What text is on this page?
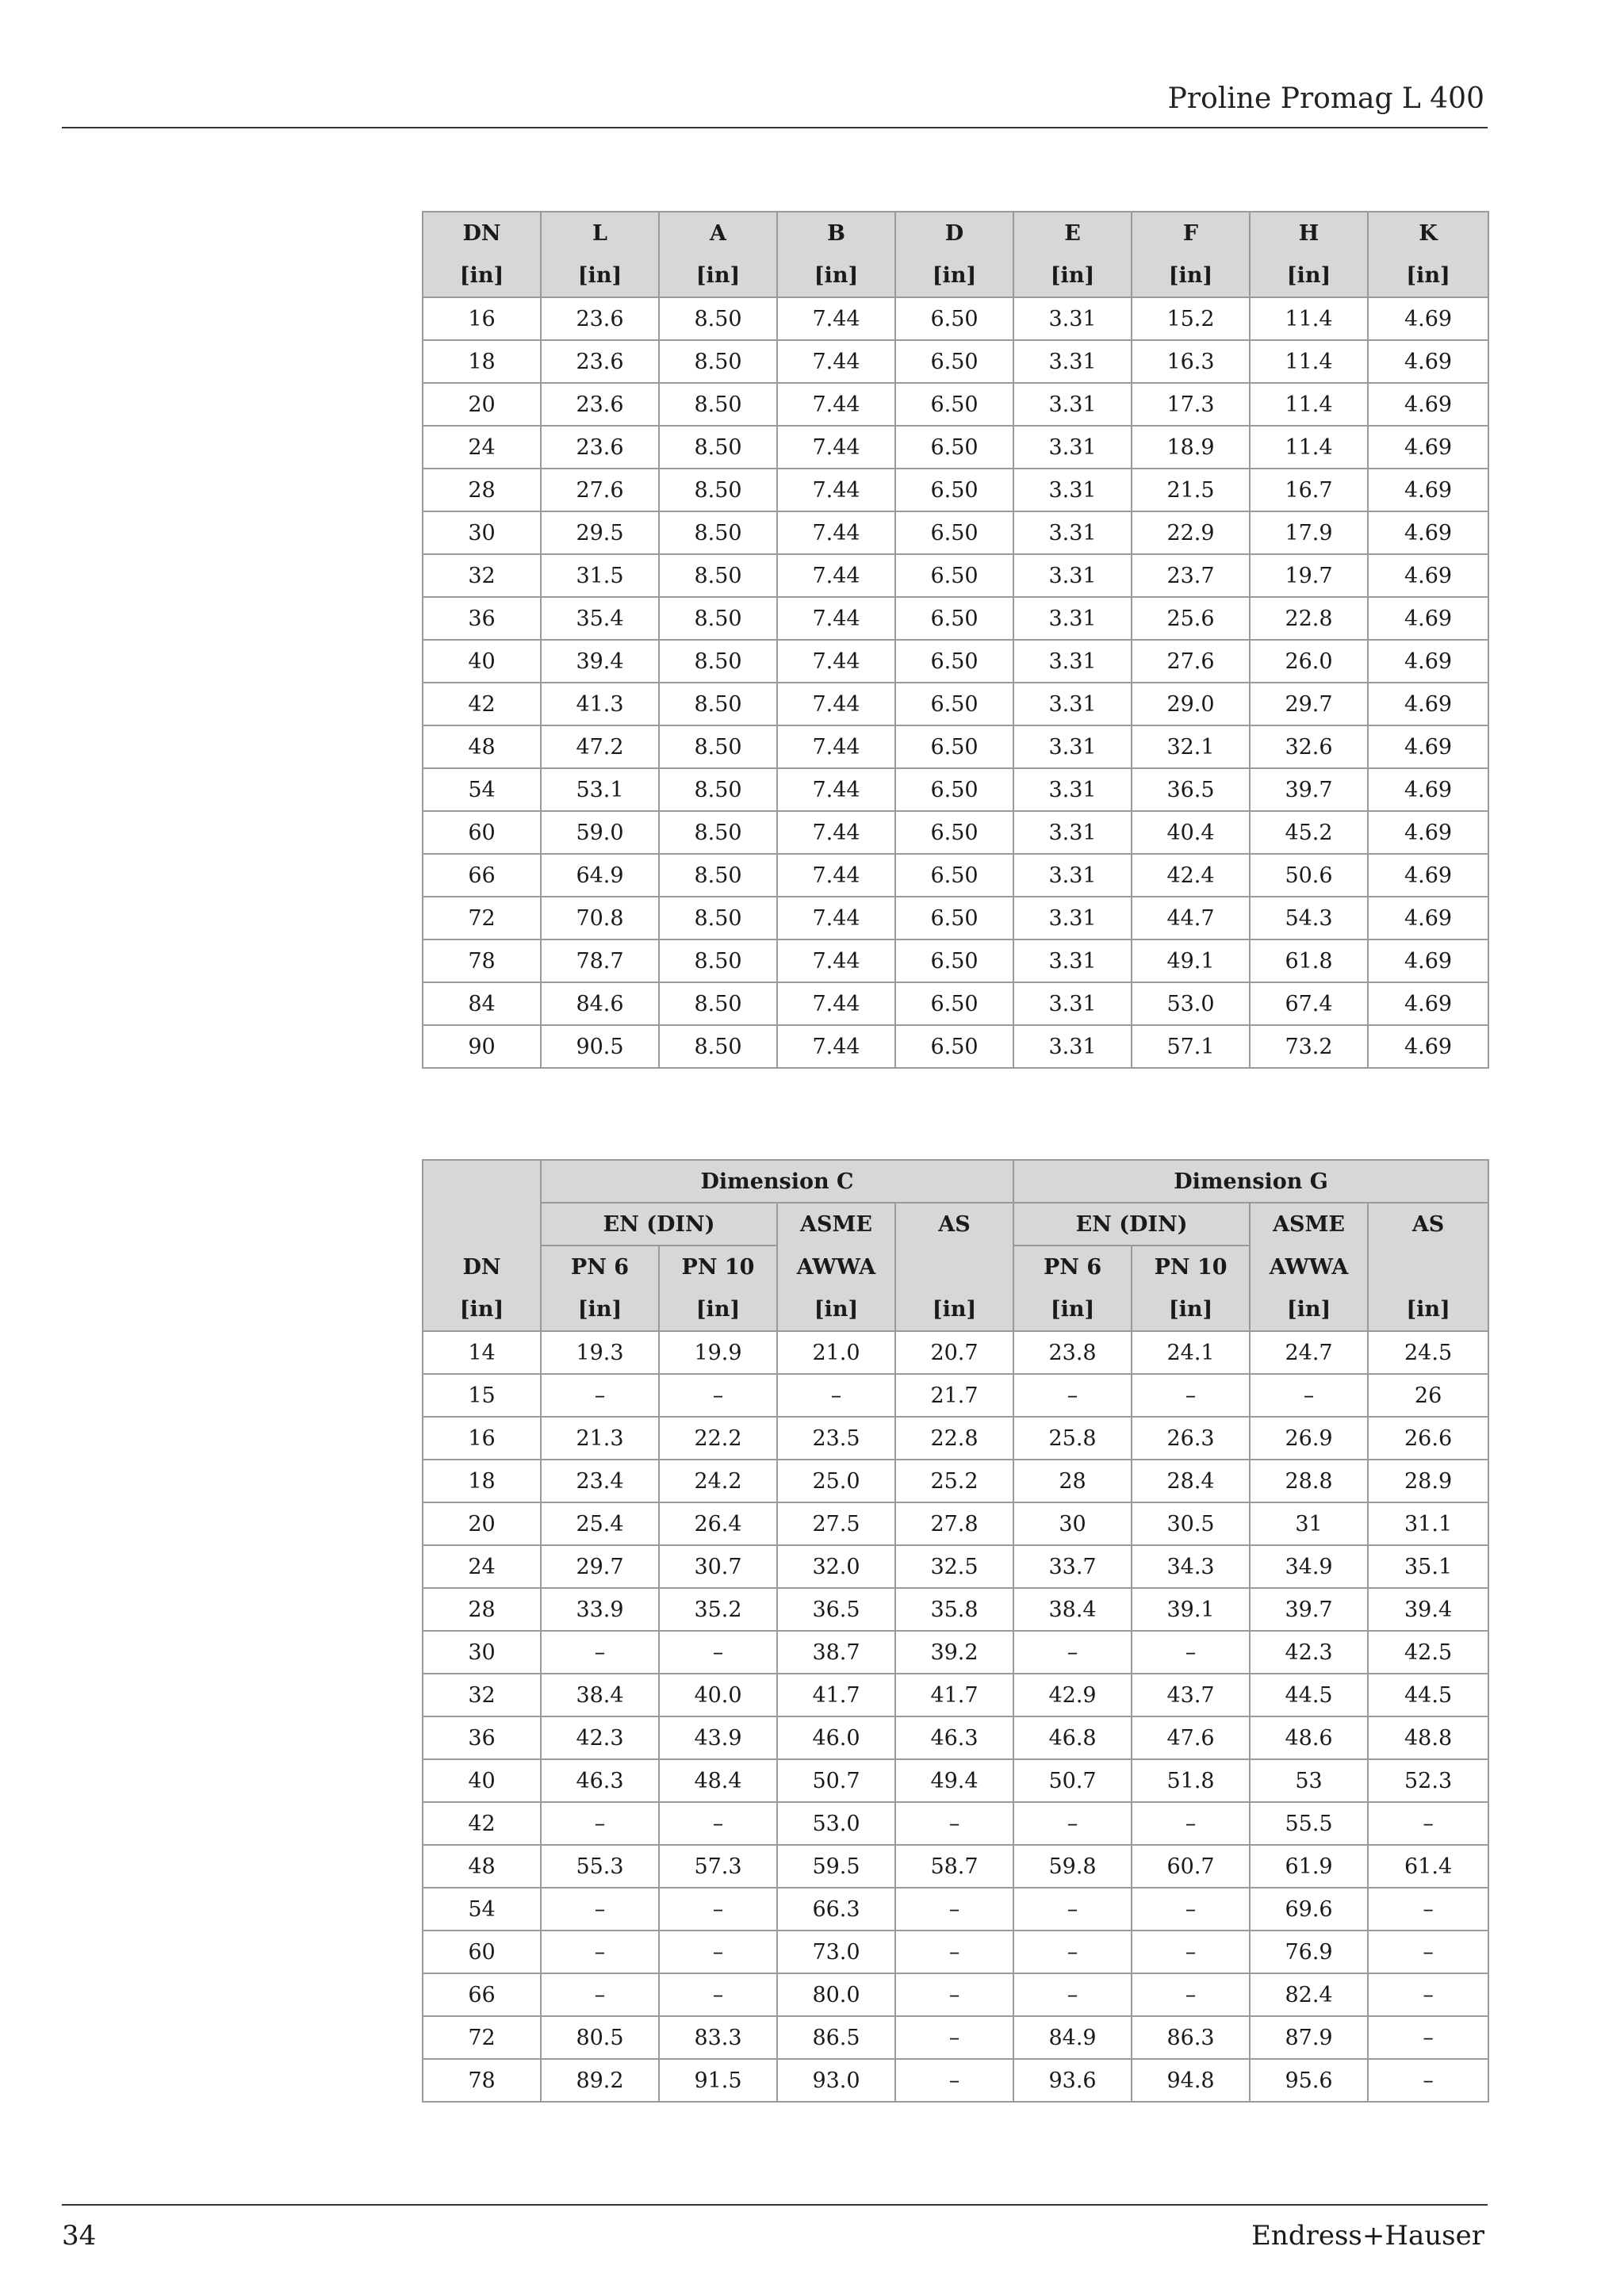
Proline Promag L 400
DN	L	A	B	D	E	F	H	K
[in]	[in]	[in]	[in]	[in]	[in]	[in]	[in]	[in]
16	23.6	8.50	7.44	6.50	3.31	15.2	11.4	4.69
18	23.6	8.50	7.44	6.50	3.31	16.3	11.4	4.69
20	23.6	8.50	7.44	6.50	3.31	17.3	11.4	4.69
24	23.6	8.50	7.44	6.50	3.31	18.9	11.4	4.69
28	27.6	8.50	7.44	6.50	3.31	21.5	16.7	4.69
30	29.5	8.50	7.44	6.50	3.31	22.9	17.9	4.69
32	31.5	8.50	7.44	6.50	3.31	23.7	19.7	4.69
36	35.4	8.50	7.44	6.50	3.31	25.6	22.8	4.69
40	39.4	8.50	7.44	6.50	3.31	27.6	26.0	4.69
42	41.3	8.50	7.44	6.50	3.31	29.0	29.7	4.69
48	47.2	8.50	7.44	6.50	3.31	32.1	32.6	4.69
54	53.1	8.50	7.44	6.50	3.31	36.5	39.7	4.69
60	59.0	8.50	7.44	6.50	3.31	40.4	45.2	4.69
66	64.9	8.50	7.44	6.50	3.31	42.4	50.6	4.69
72	70.8	8.50	7.44	6.50	3.31	44.7	54.3	4.69
78	78.7	8.50	7.44	6.50	3.31	49.1	61.8	4.69
84	84.6	8.50	7.44	6.50	3.31	53.0	67.4	4.69
90	90.5	8.50	7.44	6.50	3.31	57.1	73.2	4.69
	Dimension C				Dimension G			
	EN (DIN)		ASME	AS	EN (DIN)		ASME	AS
DN	PN 6	PN 10	AWWA		PN 6	PN 10	AWWA	
[in]	[in]	[in]	[in]	[in]	[in]	[in]	[in]	[in]
14	19.3	19.9	21.0	20.7	23.8	24.1	24.7	24.5
15	–	–	–	21.7	–	–	–	26
16	21.3	22.2	23.5	22.8	25.8	26.3	26.9	26.6
18	23.4	24.2	25.0	25.2	28	28.4	28.8	28.9
20	25.4	26.4	27.5	27.8	30	30.5	31	31.1
24	29.7	30.7	32.0	32.5	33.7	34.3	34.9	35.1
28	33.9	35.2	36.5	35.8	38.4	39.1	39.7	39.4
30	–	–	38.7	39.2	–	–	42.3	42.5
32	38.4	40.0	41.7	41.7	42.9	43.7	44.5	44.5
36	42.3	43.9	46.0	46.3	46.8	47.6	48.6	48.8
40	46.3	48.4	50.7	49.4	50.7	51.8	53	52.3
42	–	–	53.0	–	–	–	55.5	–
48	55.3	57.3	59.5	58.7	59.8	60.7	61.9	61.4
54	–	–	66.3	–	–	–	69.6	–
60	–	–	73.0	–	–	–	76.9	–
66	–	–	80.0	–	–	–	82.4	–
72	80.5	83.3	86.5	–	84.9	86.3	87.9	–
78	89.2	91.5	93.0	–	93.6	94.8	95.6	–
34	Endress+Hauser
